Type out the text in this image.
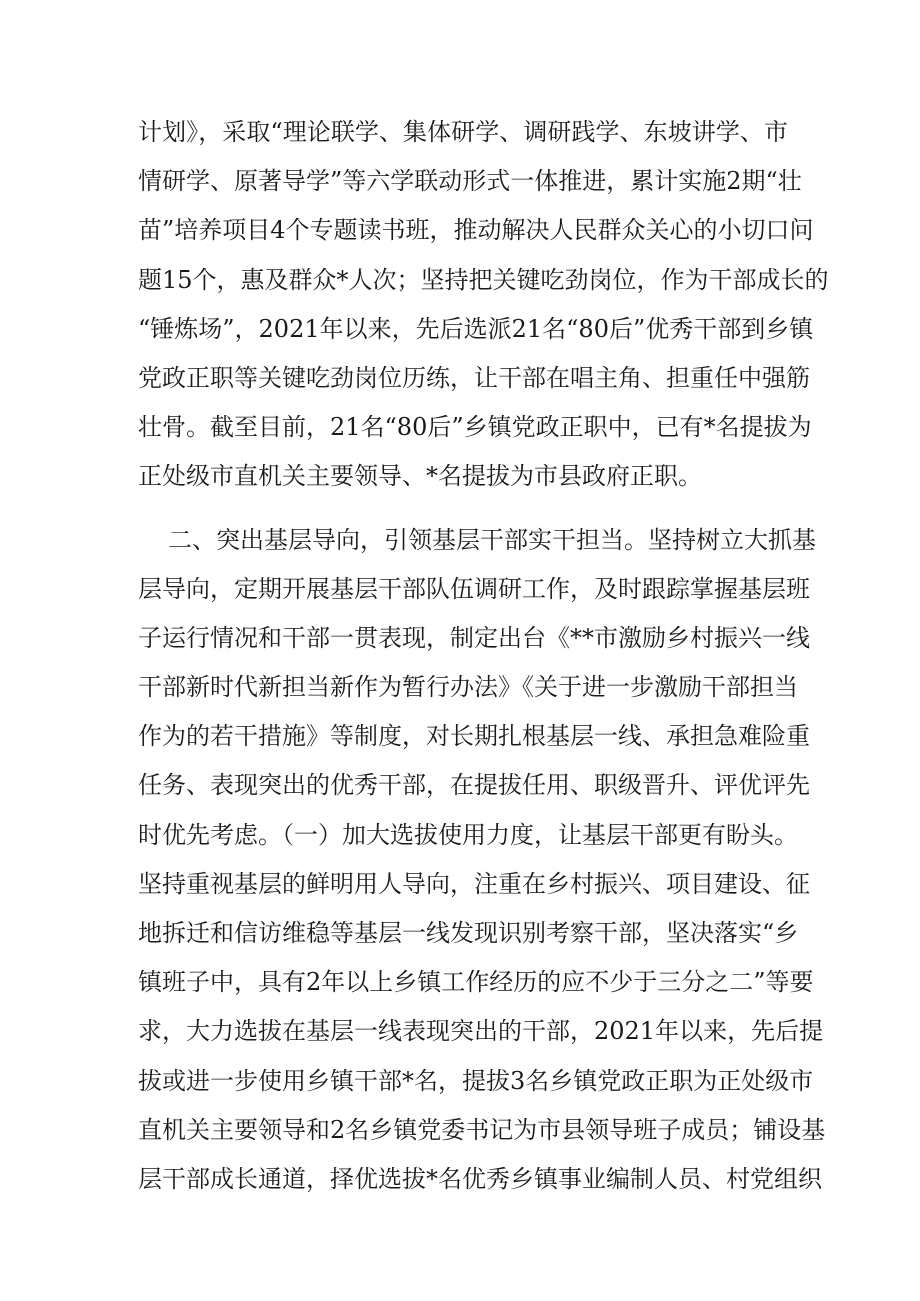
计划》，采取“理论联学、集体研学、调研践学、东坡讲学、市
情研学、原著导学”等六学联动形式一体推进，累计实施2期“壮
苗”培养项目4个专题读书班，推动解决人民群众关心的小切口问
题15个，惠及群众*人次；坚持把关键吃劲岗位，作为干部成长的
“锤炼场”，2021年以来，先后选派21名“80后”优秀干部到乡镇
党政正职等关键吃劲岗位历练，让干部在唱主角、担重任中强筋
壮骨。截至目前，21名“80后”乡镇党政正职中，已有*名提拔为
正处级市直机关主要领导、*名提拔为市县政府正职。
二、突出基层导向，引领基层干部实干担当。坚持树立大抓基
层导向，定期开展基层干部队伍调研工作，及时跟踪掌握基层班
子运行情况和干部一贯表现，制定出台《**市激励乡村振兴一线
干部新时代新担当新作为暂行办法》《关于进一步激励干部担当
作为的若干措施》等制度，对长期扎根基层一线、承担急难险重
任务、表现突出的优秀干部，在提拔任用、职级晋升、评优评先
时优先考虑。（一）加大选拔使用力度，让基层干部更有盼头。
坚持重视基层的鲜明用人导向，注重在乡村振兴、项目建设、征
地拆迁和信访维稳等基层一线发现识别考察干部，坚决落实“乡
镇班子中，具有2年以上乡镇工作经历的应不少于三分之二”等要
求，大力选拔在基层一线表现突出的干部，2021年以来，先后提
拔或进一步使用乡镇干部*名，提拔3名乡镇党政正职为正处级市
直机关主要领导和2名乡镇党委书记为市县领导班子成员；铺设基
层干部成长通道，择优选拔*名优秀乡镇事业编制人员、村党组织
